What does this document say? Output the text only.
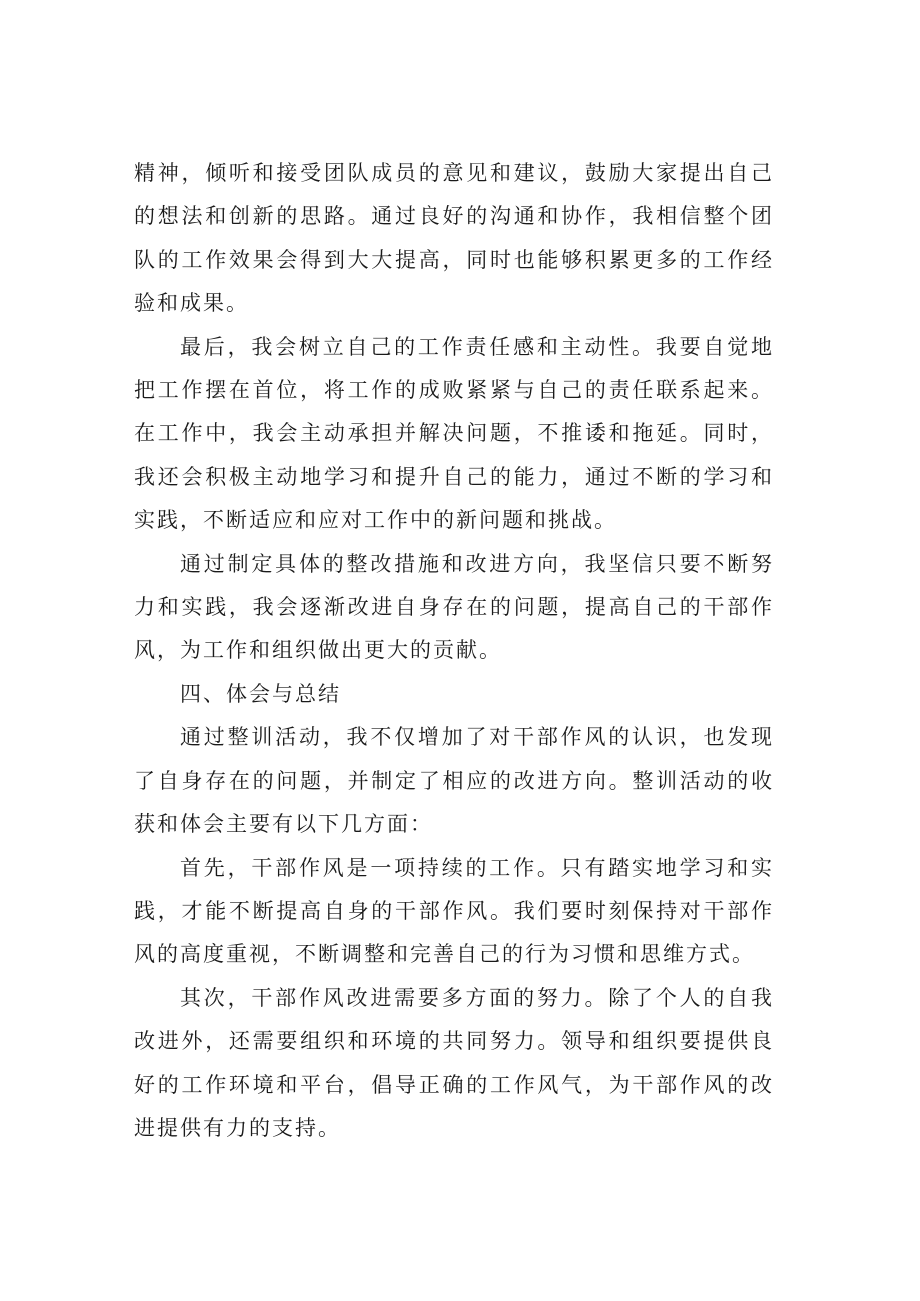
精神，倾听和接受团队成员的意见和建议，鼓励大家提出自己的想法和创新的思路。通过良好的沟通和协作，我相信整个团队的工作效果会得到大大提高，同时也能够积累更多的工作经验和成果。

最后，我会树立自己的工作责任感和主动性。我要自觉地把工作摆在首位，将工作的成败紧紧与自己的责任联系起来。在工作中，我会主动承担并解决问题，不推诿和拖延。同时，我还会积极主动地学习和提升自己的能力，通过不断的学习和实践，不断适应和应对工作中的新问题和挑战。

通过制定具体的整改措施和改进方向，我坚信只要不断努力和实践，我会逐渐改进自身存在的问题，提高自己的干部作风，为工作和组织做出更大的贡献。

四、体会与总结

通过整训活动，我不仅增加了对干部作风的认识，也发现了自身存在的问题，并制定了相应的改进方向。整训活动的收获和体会主要有以下几方面：

首先，干部作风是一项持续的工作。只有踏实地学习和实践，才能不断提高自身的干部作风。我们要时刻保持对干部作风的高度重视，不断调整和完善自己的行为习惯和思维方式。

其次，干部作风改进需要多方面的努力。除了个人的自我改进外，还需要组织和环境的共同努力。领导和组织要提供良好的工作环境和平台，倡导正确的工作风气，为干部作风的改进提供有力的支持。
